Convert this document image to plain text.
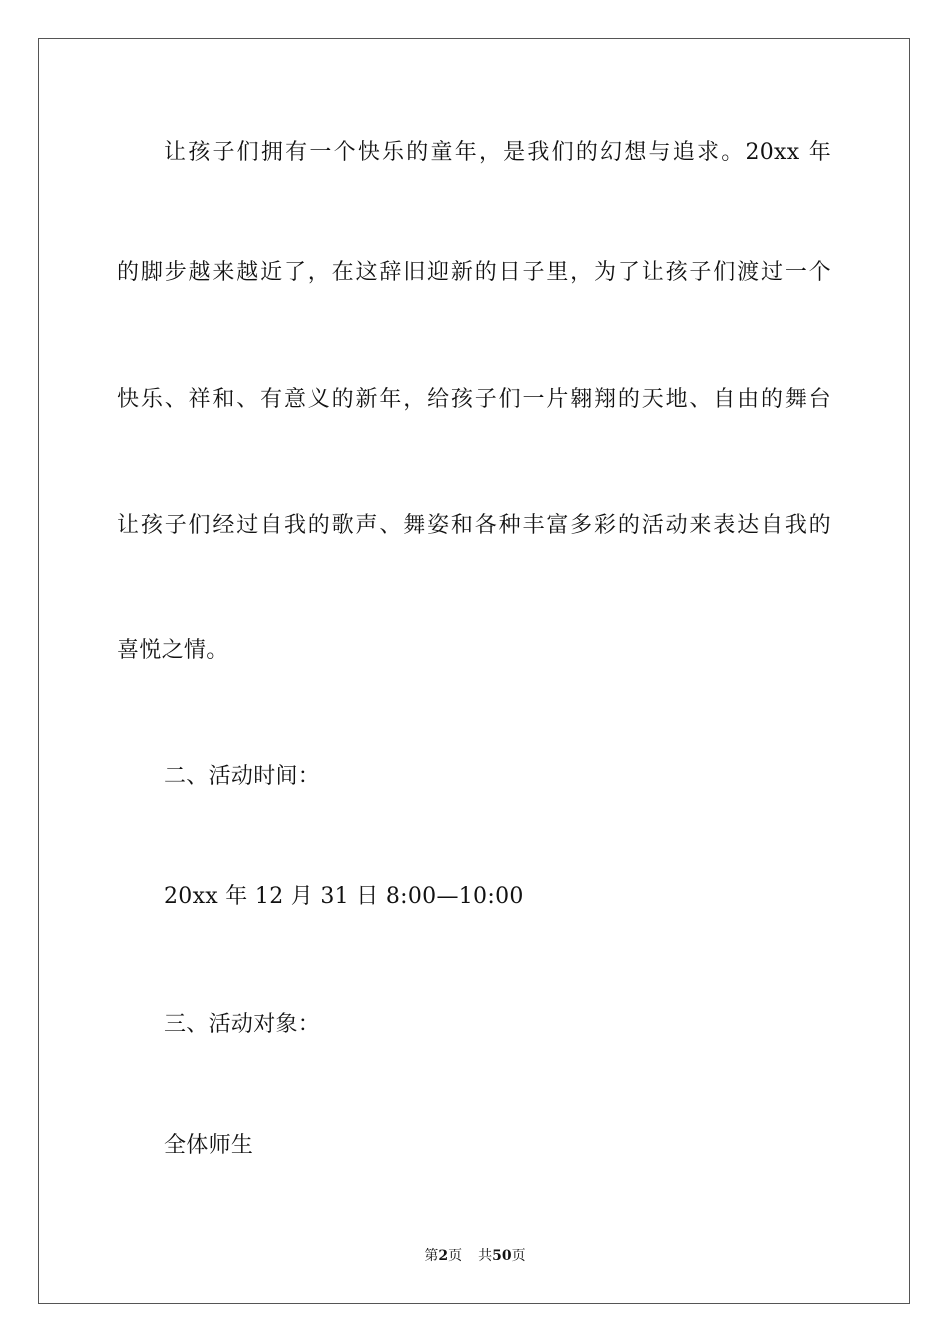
让孩子们拥有一个快乐的童年，是我们的幻想与追求。20xx 年
的脚步越来越近了，在这辞旧迎新的日子里，为了让孩子们渡过一个
快乐、祥和、有意义的新年，给孩子们一片翱翔的天地、自由的舞台
让孩子们经过自我的歌声、舞姿和各种丰富多彩的活动来表达自我的
喜悦之情。
二、活动时间：
20xx 年 12 月 31 日 8:00—10:00
三、活动对象：
全体师生
第2页 共50页
